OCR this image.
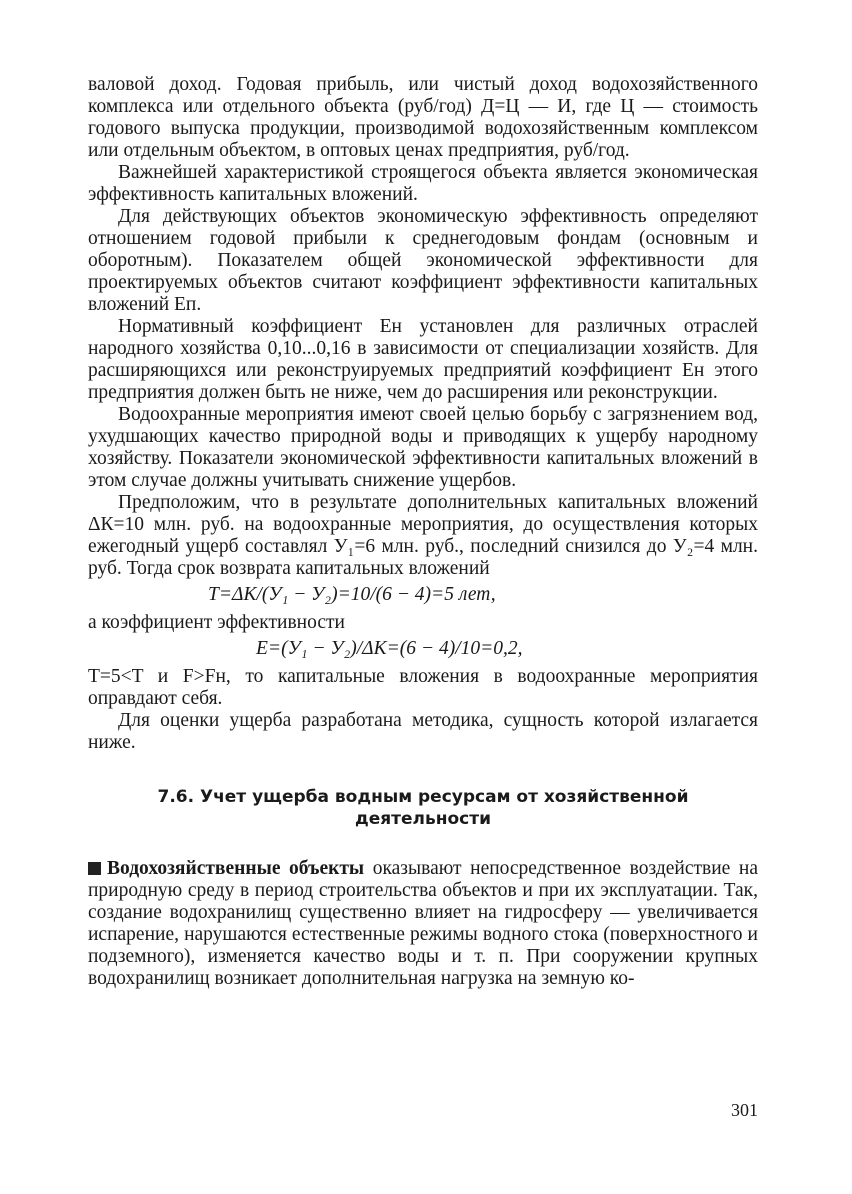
валовой доход. Годовая прибыль, или чистый доход водохозяйственного комплекса или отдельного объекта (руб/год) Д=Ц — И, где Ц — стоимость годового выпуска продукции, производимой водохозяйственным комплексом или отдельным объектом, в оптовых ценах предприятия, руб/год.

Важнейшей характеристикой строящегося объекта является экономическая эффективность капитальных вложений.

Для действующих объектов экономическую эффективность определяют отношением годовой прибыли к среднегодовым фондам (основным и оборотным). Показателем общей экономической эффективности для проектируемых объектов считают коэффициент эффективности капитальных вложений Еп.

Нормативный коэффициент Ен установлен для различных отраслей народного хозяйства 0,10...0,16 в зависимости от специализации хозяйств. Для расширяющихся или реконструируемых предприятий коэффициент Ен этого предприятия должен быть не ниже, чем до расширения или реконструкции.

Водоохранные мероприятия имеют своей целью борьбу с загрязнением вод, ухудшающих качество природной воды и приводящих к ущербу народному хозяйству. Показатели экономической эффективности капитальных вложений в этом случае должны учитывать снижение ущербов.

Предположим, что в результате дополнительных капитальных вложений ΔК=10 млн. руб. на водоохранные мероприятия, до осуществления которых ежегодный ущерб составлял У₁=6 млн. руб., последний снизился до У₂=4 млн. руб. Тогда срок возврата капитальных вложений

T=ΔK/(У₁ − У₂)=10/(6 − 4)=5 лет,

а коэффициент эффективности

E=(У₁ − У₂)/ΔK=(6 − 4)/10=0,2,

T=5<T и F>Fн, то капитальные вложения в водоохранные мероприятия оправдают себя.

Для оценки ущерба разработана методика, сущность которой излагается ниже.

7.6. Учет ущерба водным ресурсам от хозяйственной деятельности

Водохозяйственные объекты оказывают непосредственное воздействие на природную среду в период строительства объектов и при их эксплуатации. Так, создание водохранилищ существенно влияет на гидросферу — увеличивается испарение, нарушаются естественные режимы водного стока (поверхностного и подземного), изменяется качество воды и т. п. При сооружении крупных водохранилищ возникает дополнительная нагрузка на земную ко-

301
